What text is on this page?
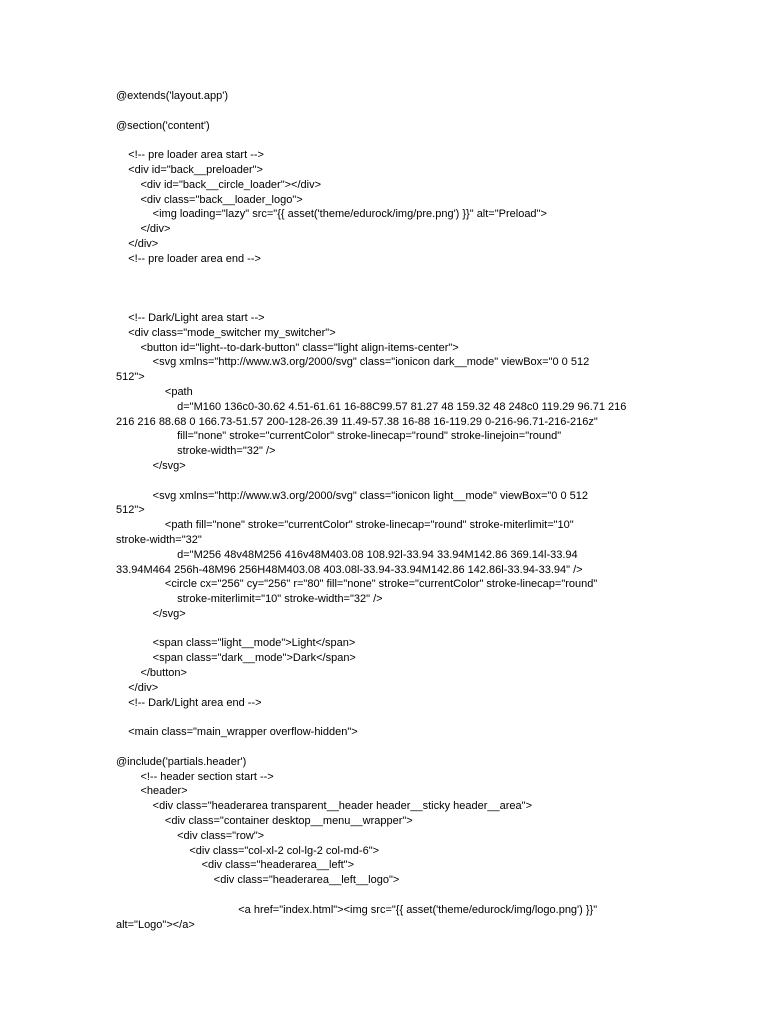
@extends('layout.app')
@section('content')
<!-- pre loader area start -->
<div id="back__preloader">
<div id="back__circle_loader"></div>
<div class="back__loader_logo">
<img loading="lazy" src="{{ asset('theme/edurock/img/pre.png') }}" alt="Preload">
</div>
</div>
<!-- pre loader area end -->
<!-- Dark/Light area start -->
<div class="mode_switcher my_switcher">
<button id="light--to-dark-button" class="light align-items-center">
<svg xmlns="http://www.w3.org/2000/svg" class="ionicon dark__mode" viewBox="0 0 512
512">
<path
d="M160 136c0-30.62 4.51-61.61 16-88C99.57 81.27 48 159.32 48 248c0 119.29 96.71 216
216 216 88.68 0 166.73-51.57 200-128-26.39 11.49-57.38 16-88 16-119.29 0-216-96.71-216-216z"
fill="none" stroke="currentColor" stroke-linecap="round" stroke-linejoin="round"
stroke-width="32" />
</svg>
<svg xmlns="http://www.w3.org/2000/svg" class="ionicon light__mode" viewBox="0 0 512
512">
<path fill="none" stroke="currentColor" stroke-linecap="round" stroke-miterlimit="10"
stroke-width="32"
d="M256 48v48M256 416v48M403.08 108.92l-33.94 33.94M142.86 369.14l-33.94
33.94M464 256h-48M96 256H48M403.08 403.08l-33.94-33.94M142.86 142.86l-33.94-33.94" />
<circle cx="256" cy="256" r="80" fill="none" stroke="currentColor" stroke-linecap="round"
stroke-miterlimit="10" stroke-width="32" />
</svg>
<span class="light__mode">Light</span>
<span class="dark__mode">Dark</span>
</button>
</div>
<!-- Dark/Light area end -->
<main class="main_wrapper overflow-hidden">
@include('partials.header')
<!-- header section start -->
<header>
<div class="headerarea transparent__header header__sticky header__area">
<div class="container desktop__menu__wrapper">
<div class="row">
<div class="col-xl-2 col-lg-2 col-md-6">
<div class="headerarea__left">
<div class="headerarea__left__logo">
<a href="index.html"><img src="{{ asset('theme/edurock/img/logo.png') }}"
alt="Logo"></a>
